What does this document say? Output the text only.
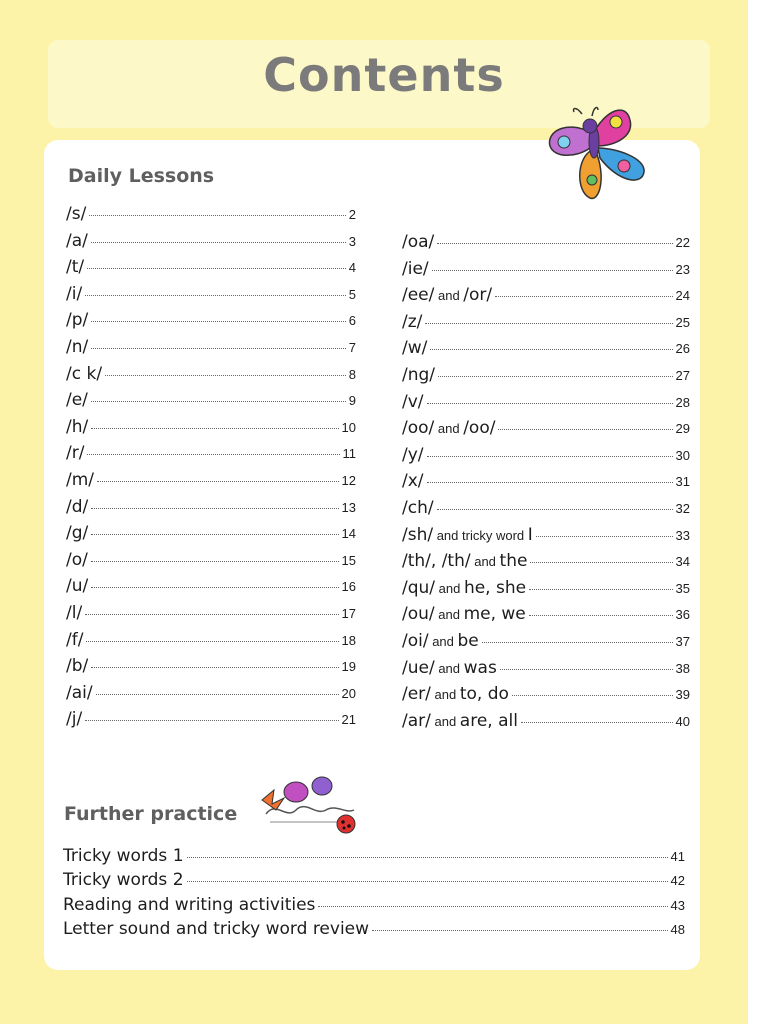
Contents
Daily Lessons
/s/	2
/a/	3
/t/	4
/i/	5
/p/	6
/n/	7
/c k/	8
/e/	9
/h/	10
/r/	11
/m/	12
/d/	13
/g/	14
/o/	15
/u/	16
/l/	17
/f/	18
/b/	19
/ai/	20
/j/	21
/oa/	22
/ie/	23
/ee/ and /or/	24
/z/	25
/w/	26
/ng/	27
/v/	28
/oo/ and /oo/	29
/y/	30
/x/	31
/ch/	32
/sh/ and tricky word I	33
/th/, /th/ and the	34
/qu/ and he, she	35
/ou/ and me, we	36
/oi/ and be	37
/ue/ and was	38
/er/ and to, do	39
/ar/ and are, all	40
Further practice
Tricky words 1	41
Tricky words 2	42
Reading and writing activities	43
Letter sound and tricky word review	48
